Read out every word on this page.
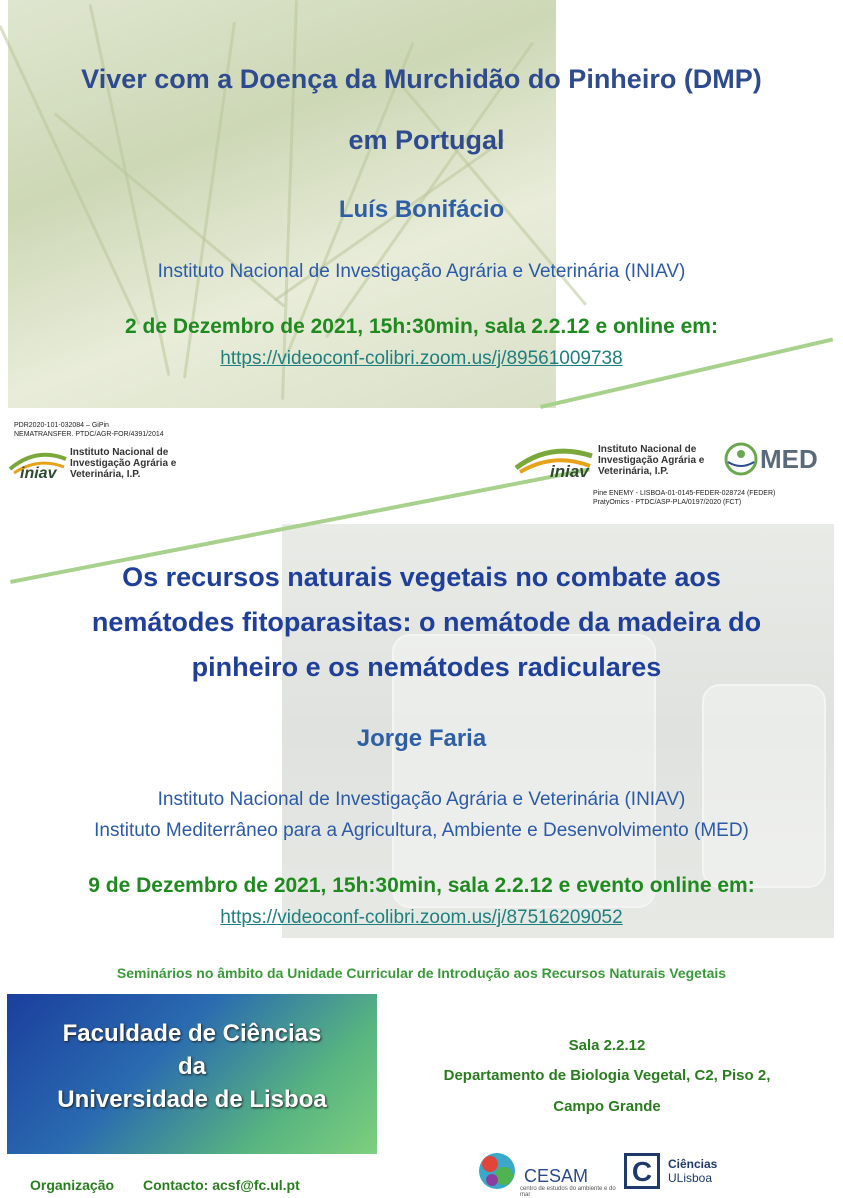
Viver com a Doença da Murchidão do Pinheiro (DMP)
em Portugal
Luís Bonifácio
Instituto Nacional de Investigação Agrária e Veterinária (INIAV)
2 de Dezembro de 2021, 15h:30min, sala 2.2.12 e online em:
https://videoconf-colibri.zoom.us/j/89561009738
PDR2020-101-032084 – GiPin
NEMATRANSFER. PTDC/AGR-FOR/4391/2014
iniav
Instituto Nacional de
Investigação Agrária e
Veterinária, I.P.	iniav
Instituto Nacional de
Investigação Agrária e
Veterinária, I.P.	MED
Pine ENEMY - LISBOA-01-0145-FEDER-028724 (FEDER)
PratyOmics - PTDC/ASP-PLA/0197/2020 (FCT)
Os recursos naturais vegetais no combate aos
nemátodes fitoparasitas: o nemátode da madeira do
pinheiro e os nemátodes radiculares
Jorge Faria
Instituto Nacional de Investigação Agrária e Veterinária (INIAV)
Instituto Mediterrâneo para a Agricultura, Ambiente e Desenvolvimento (MED)
9 de Dezembro de 2021, 15h:30min, sala 2.2.12 e evento online em:
https://videoconf-colibri.zoom.us/j/87516209052
Seminários no âmbito da Unidade Curricular de Introdução aos Recursos Naturais Vegetais
Faculdade de Ciências
da
Universidade de Lisboa
Sala 2.2.12
Departamento de Biologia Vegetal, C2, Piso 2,
Campo Grande
Organização Contacto: acsf@fc.ul.pt	CESAM
centro de estudos do ambiente e do mar
C	Ciências
ULisboa
